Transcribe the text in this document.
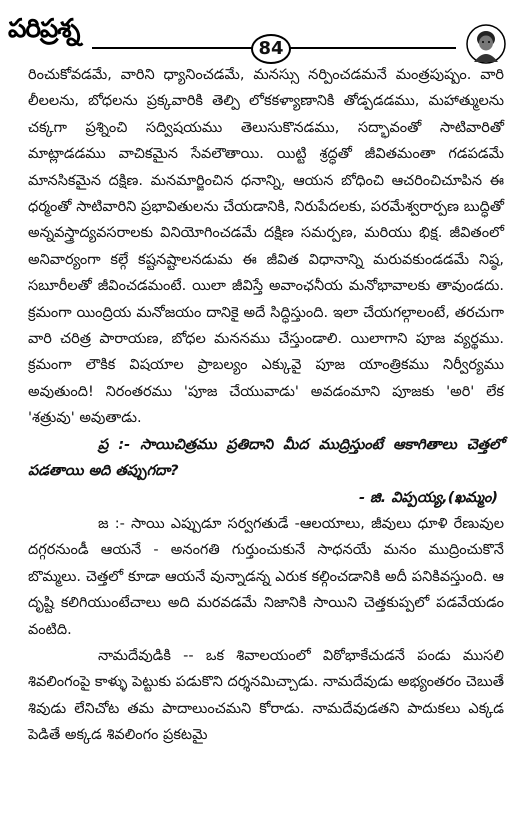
పరిప్రశ్న
84

రించుకోవడమే, వారిని ధ్యానించడమే, మనస్సు నర్పించడమనే మంత్రపుష్పం. వారి లీలలను, బోధలను ప్రక్కవారికి తెల్పి లోకకళ్యాణానికి తోడ్పడడము, మహాత్ములను చక్కగా ప్రశ్నించి సద్విషయము తెలుసుకొనడము, సద్భావంతో సాటివారితో మాట్లాడడము వాచికమైన సేవలౌతాయి. యిట్టి శ్రద్ధతో జీవితమంతా గడపడమే మానసికమైన దక్షిణ. మనమార్జించిన ధనాన్ని, ఆయన బోధించి ఆచరించిచూపిన ఈ ధర్మంతో సాటివారిని ప్రభావితులను చేయడానికి, నిరుపేదలకు, పరమేశ్వరార్పణ బుద్ధితో అన్నవస్త్రాద్యవసరాలకు వినియోగించడమే దక్షిణ సమర్పణ, మరియు భిక్ష. జీవితంలో అనివార్యంగా కల్గే కష్టనష్టాలనడుమ ఈ జీవిత విధానాన్ని మరువకుండడమే నిష్ఠ, సబూరీలతో జీవించడమంటే. యిలా జీవిస్తే అవాంఛనీయ మనోభావాలకు తావుండదు. క్రమంగా యింద్రియ మనోజయం దానికై అదే సిద్ధిస్తుంది. ఇలా చేయగల్గాలంటే, తరచుగా వారి చరిత్ర పారాయణ, బోధల మననము చేస్తుండాలి. యిలాగాని పూజ వ్యర్థము. క్రమంగా లౌకిక విషయాల ప్రాబల్యం ఎక్కువై పూజ యాంత్రికము నిర్వీర్యము అవుతుంది! నిరంతరము 'పూజ చేయువాడు' అవడంమాని పూజకు 'అరి' లేక 'శత్రువు' అవుతాడు.

ప్ర :- సాయిచిత్రము ప్రతిదాని మీద ముద్రిస్తుంటే ఆకాగితాలు చెత్తలో పడతాయి అది తప్పుగదా?

- జి. విప్పయ్య,(ఖమ్మం)

జ :- సాయి ఎప్పుడూ సర్వగతుడే -ఆలయాలు, జీవులు ధూళి రేణువుల దగ్గరనుండీ ఆయనే - అనంగతి గుర్తుంచుకునే సాధనయే మనం ముద్రించుకొనే బొమ్మలు. చెత్తలో కూడా ఆయనే వున్నాడన్న ఎరుక కల్గించడానికి అదీ పనికివస్తుంది. ఆ దృష్టి కలిగియుంటేచాలు అది మరవడమే నిజానికి సాయిని చెత్తకుప్పలో పడవేయడం వంటిది.

నామదేవుడికి -- ఒక శివాలయంలో విఠోభాకేచుడనే పండు ముసలి శివలింగంపై కాళ్ళు పెట్టుకు పడుకొని దర్శనమిచ్చాడు. నామదేవుడు అభ్యంతరం చెబుతే శివుడు లేనిచోట తమ పాదాలుంచమని కోరాడు. నామదేవుడతని పాదుకలు ఎక్కడ పెడితే అక్కడ శివలింగం ప్రకటమై
